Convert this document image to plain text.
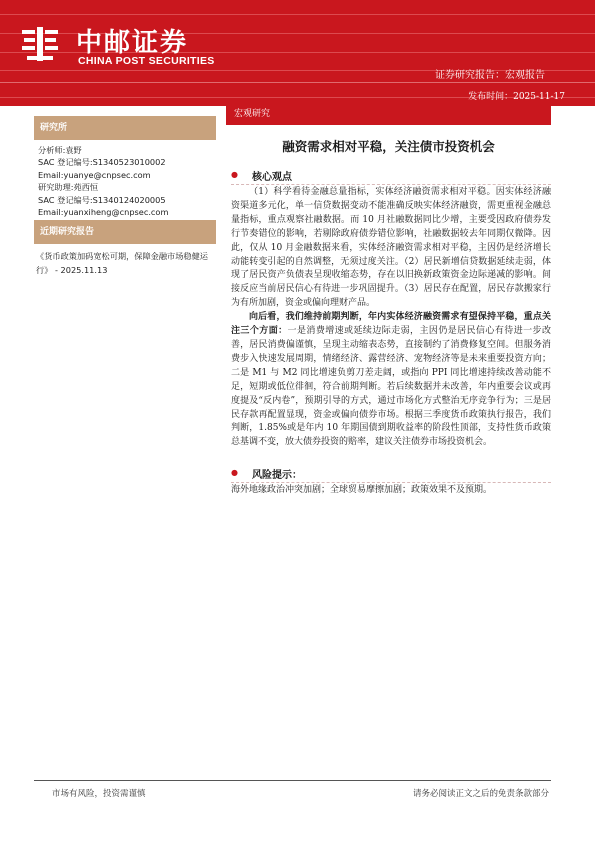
中邮证券
CHINA POST SECURITIES
证券研究报告：宏观报告
发布时间：2025-11-17
研究所
分析师:袁野
SAC 登记编号:S1340523010002
Email:yuanye@cnpsec.com
研究助理:苑西恒
SAC 登记编号:S1340124020005
Email:yuanxiheng@cnpsec.com
近期研究报告
《货币政策加码宽松可期，保障金融市场稳健运行》 - 2025.11.13
宏观研究
融资需求相对平稳，关注债市投资机会
● 核心观点

（1）科学看待金融总量指标，实体经济融资需求相对平稳。因实体经济融资渠道多元化，单一信贷数据变动不能准确反映实体经济融资，需更重视金融总量指标，重点观察社融数据。而 10 月社融数据同比少增，主要受因政府债券发行节奏错位的影响，若剔除政府债券错位影响，社融数据较去年同期仅微降。因此，仅从 10 月金融数据来看，实体经济融资需求相对平稳，主因仍是经济增长动能转变引起的自然调整，无须过度关注。（2）居民新增信贷数据延续走弱，体现了居民资产负债表呈现收缩态势，存在以旧换新政策资金边际递减的影响。间接反应当前居民信心有待进一步巩固提升。（3）居民存在配置，居民存款搬家行为有所加剧，资金或偏向理财产品。

向后看，我们维持前期判断，年内实体经济融资需求有望保持平稳，重点关注三个方面：一是消费增速或延续边际走弱，主因仍是居民信心有待进一步改善，居民消费偏谨慎，呈现主动缩表态势，直接制约了消费修复空间。但服务消费步入快速发展周期，情绪经济、露营经济、宠物经济等是未来重要投资方向；二是 M1 与 M2 同比增速负剪刀差走阔，或指向 PPI 同比增速持续改善动能不足，短期或低位徘徊，符合前期判断。若后续数据并未改善，年内重要会议或再度提及“反内卷”，预期引导的方式，通过市场化方式整治无序竞争行为；三是居民存款再配置显现，资金或偏向债券市场。根据三季度货币政策执行报告，我们判断，1.85%或是年内 10 年期国债到期收益率的阶段性顶部，支持性货币政策总基调不变，放大债券投资的赔率，建议关注债券市场投资机会。

● 风险提示：

海外地缘政治冲突加剧；全球贸易摩擦加剧；政策效果不及预期。

市场有风险，投资需谨慎	请务必阅读正文之后的免责条款部分
